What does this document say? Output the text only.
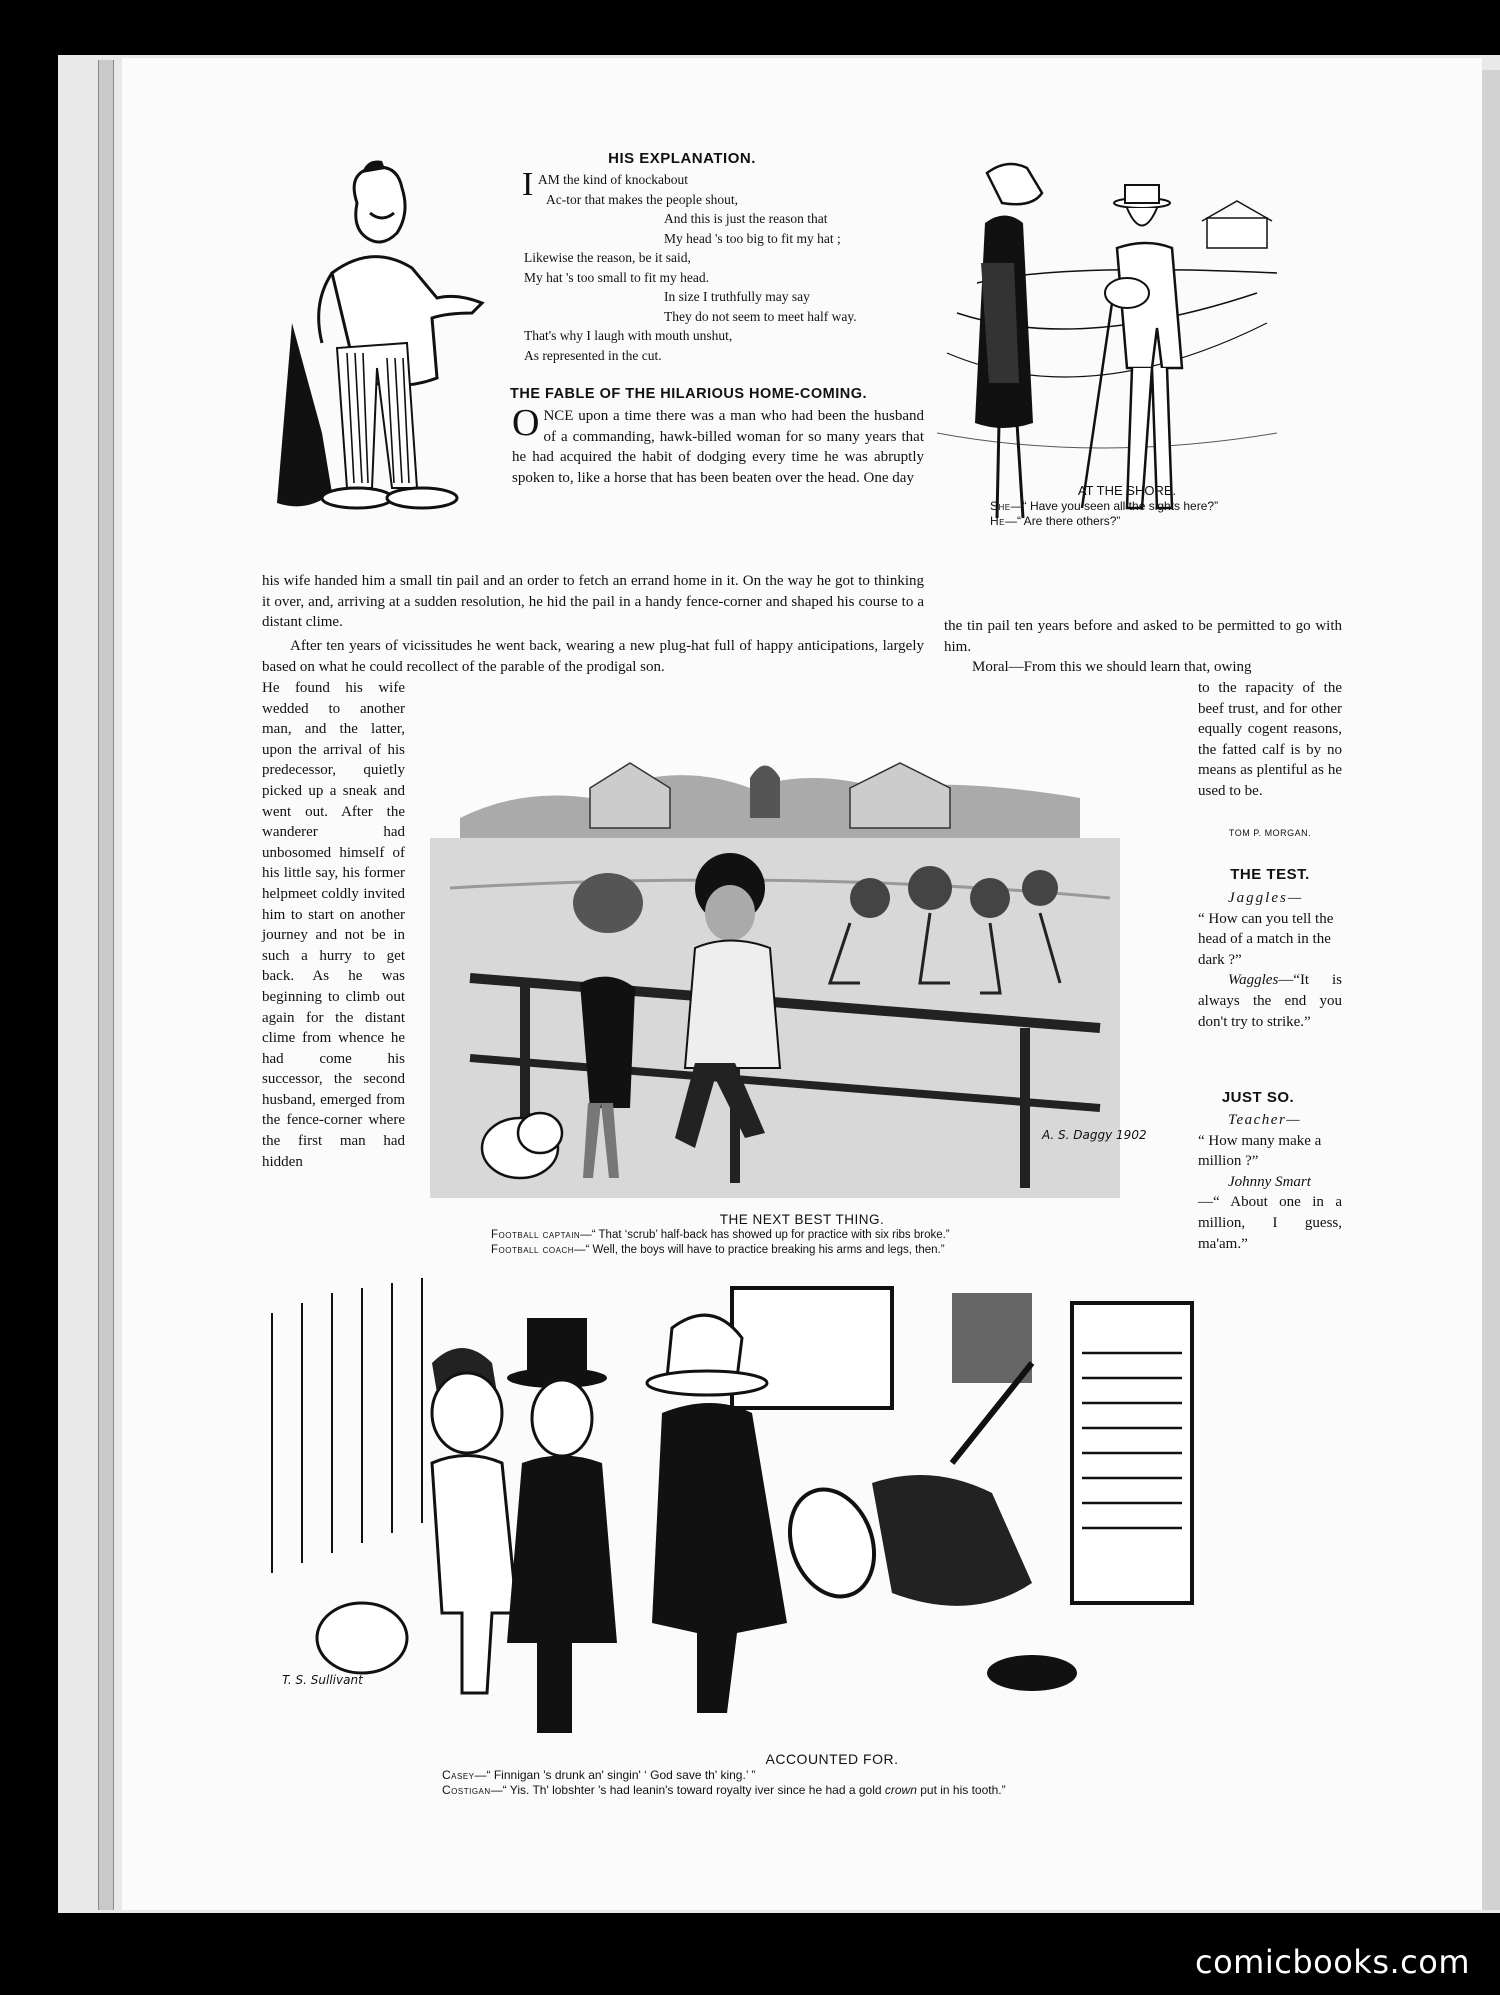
HIS EXPLANATION.
I AM the kind of knockabout
Ac-tor that makes the people shout,
And this is just the reason that
My head 's too big to fit my hat ;
Likewise the reason, be it said,
My hat 's too small to fit my head.
In size I truthfully may say
They do not seem to meet half way.
That's why I laugh with mouth unshut,
As represented in the cut.
AT THE SHORE.
She—“ Have you seen all the sights here?”
He—“ Are there others?”
THE FABLE OF THE HILARIOUS HOME-COMING.
ONCE upon a time there was a man who had been the husband of a commanding, hawk-billed woman for so many years that he had acquired the habit of dodging every time he was abruptly spoken to, like a horse that has been beaten over the head. One day
his wife handed him a small tin pail and an order to fetch an errand home in it. On the way he got to thinking it over, and, arriving at a sudden resolution, he hid the pail in a handy fence-corner and shaped his course to a distant clime.
After ten years of vicissitudes he went back, wearing a new plug-hat full of happy anticipations, largely based on what he could recollect of the parable of the prodigal son.
He found his wife wedded to another man, and the latter, upon the arrival of his predecessor, quietly picked up a sneak and went out. After the wanderer had unbosomed himself of his little say, his former helpmeet coldly invited him to start on another journey and not be in such a hurry to get back. As he was beginning to climb out again for the distant clime from whence he had come his successor, the second husband, emerged from the fence-corner where the first man had hidden
the tin pail ten years before and asked to be permitted to go with him.
Moral—From this we should learn that, owing
to the rapacity of the beef trust, and for other equally cogent reasons, the fatted calf is by no means as plentiful as he used to be.
TOM P. MORGAN.
A. S. Daggy 1902
THE NEXT BEST THING.
Football captain—“ That ‘scrub’ half-back has showed up for practice with six ribs broke.”
Football coach—“ Well, the boys will have to practice breaking his arms and legs, then.”
THE TEST.
Jaggles—
“ How can you tell the head of a match in the dark ?”
Waggles—“It is always the end you don't try to strike.”
JUST SO.
Teacher—
“ How many make a million ?”
Johnny Smart
—“ About one in a million, I guess, ma'am.”
T. S. Sullivant
ACCOUNTED FOR.
Casey—“ Finnigan 's drunk an' singin' ‘ God save th' king.’ ”
Costigan—“ Yis. Th' lobshter 's had leanin's toward royalty iver since he had a gold crown put in his tooth.”
comicbooks.com
